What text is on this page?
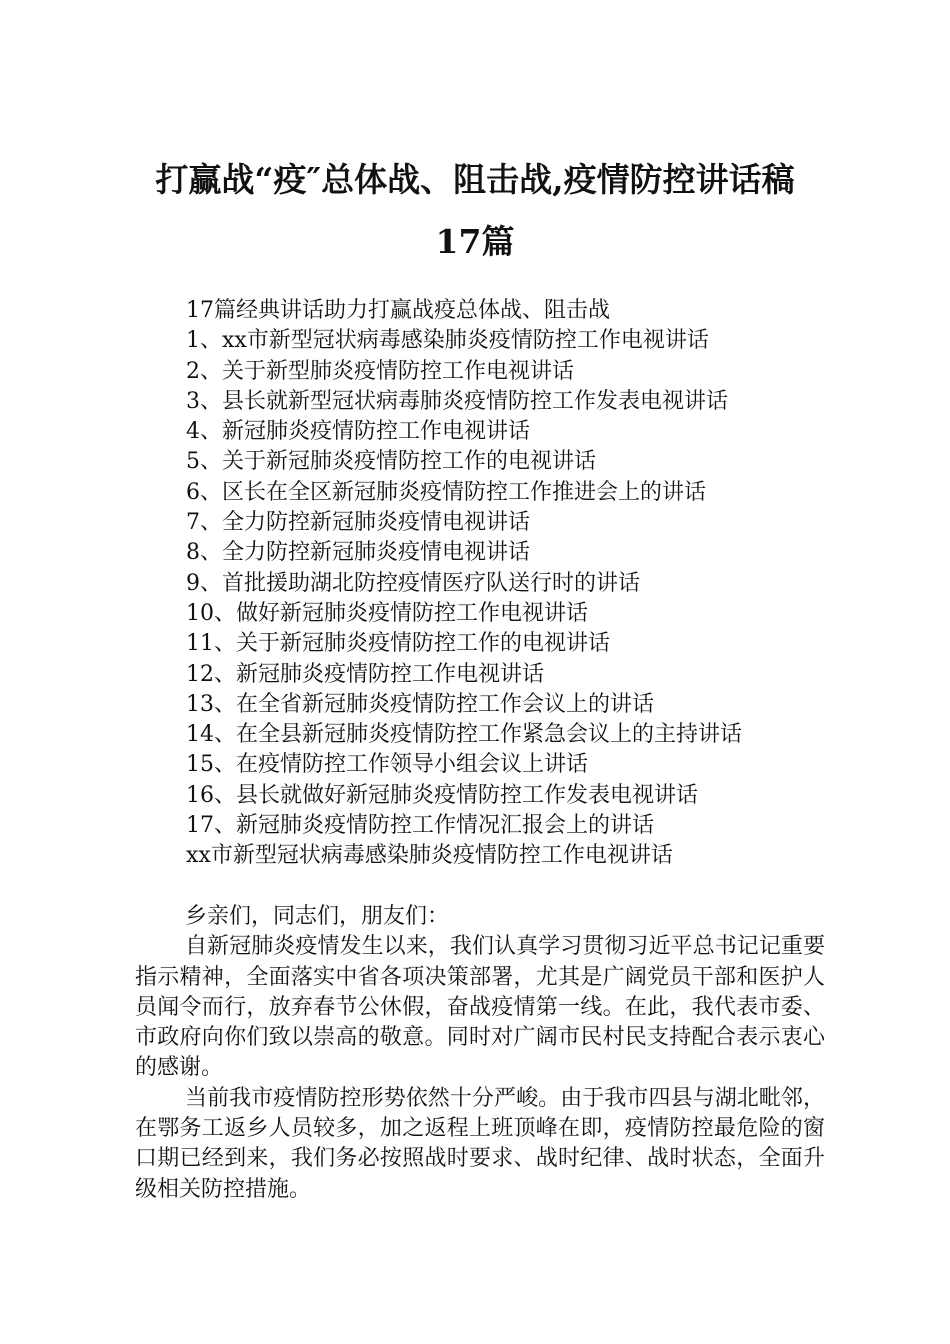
打赢战“疫″总体战、阻击战,疫情防控讲话稿
17篇
17篇经典讲话助力打赢战疫总体战、阻击战
1、xx市新型冠状病毒感染肺炎疫情防控工作电视讲话
2、关于新型肺炎疫情防控工作电视讲话
3、县长就新型冠状病毒肺炎疫情防控工作发表电视讲话
4、新冠肺炎疫情防控工作电视讲话
5、关于新冠肺炎疫情防控工作的电视讲话
6、区长在全区新冠肺炎疫情防控工作推进会上的讲话
7、全力防控新冠肺炎疫情电视讲话
8、全力防控新冠肺炎疫情电视讲话
9、首批援助湖北防控疫情医疗队送行时的讲话
10、做好新冠肺炎疫情防控工作电视讲话
11、关于新冠肺炎疫情防控工作的电视讲话
12、新冠肺炎疫情防控工作电视讲话
13、在全省新冠肺炎疫情防控工作会议上的讲话
14、在全县新冠肺炎疫情防控工作紧急会议上的主持讲话
15、在疫情防控工作领导小组会议上讲话
16、县长就做好新冠肺炎疫情防控工作发表电视讲话
17、新冠肺炎疫情防控工作情况汇报会上的讲话
xx市新型冠状病毒感染肺炎疫情防控工作电视讲话
乡亲们，同志们，朋友们：

自新冠肺炎疫情发生以来，我们认真学习贯彻习近平总书记记重要指示精神，全面落实中省各项决策部署，尤其是广阔党员干部和医护人员闻令而行，放弃春节公休假，奋战疫情第一线。在此，我代表市委、市政府向你们致以崇高的敬意。同时对广阔市民村民支持配合表示衷心的感谢。

当前我市疫情防控形势依然十分严峻。由于我市四县与湖北毗邻，在鄂务工返乡人员较多，加之返程上班顶峰在即，疫情防控最危险的窗口期已经到来，我们务必按照战时要求、战时纪律、战时状态，全面升级相关防控措施。
